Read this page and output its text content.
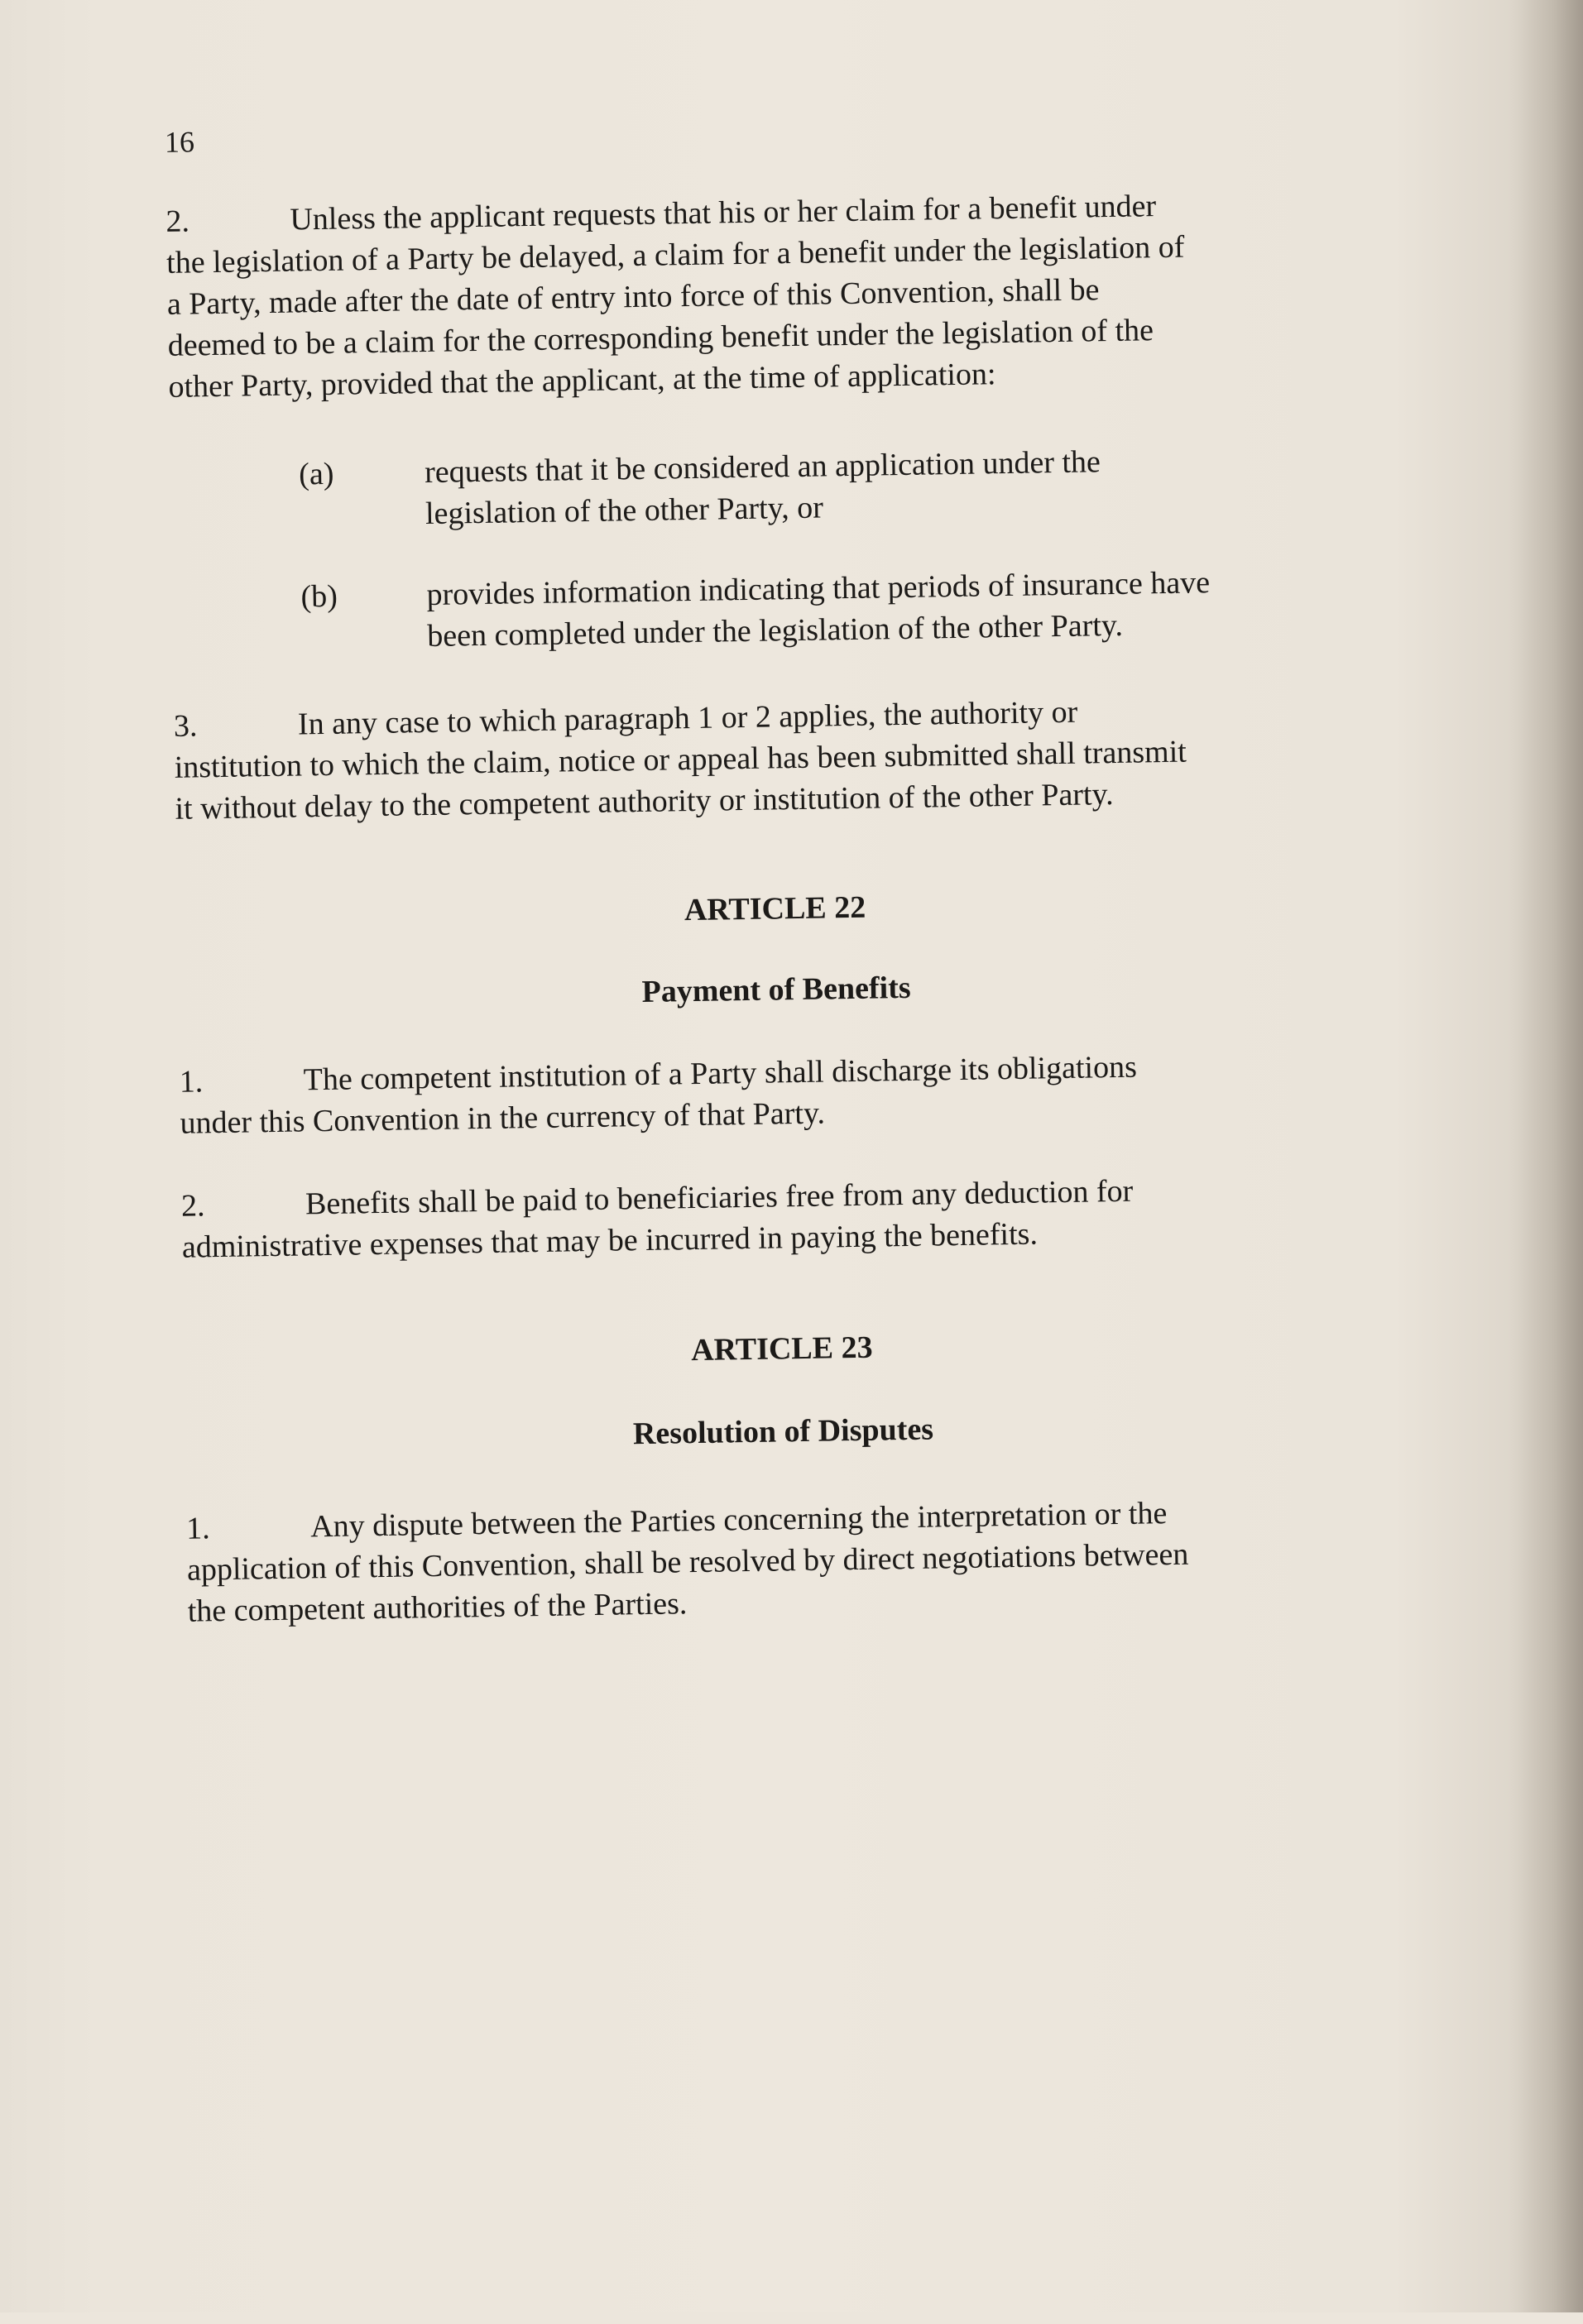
16
2.	Unless the applicant requests that his or her claim for a benefit under
the legislation of a Party be delayed, a claim for a benefit under the legislation of
a Party, made after the date of entry into force of this Convention, shall be
deemed to be a claim for the corresponding benefit under the legislation of the
other Party, provided that the applicant, at the time of application:
(a)	requests that it be considered an application under the
legislation of the other Party, or
(b)	provides information indicating that periods of insurance have
been completed under the legislation of the other Party.
3.	In any case to which paragraph 1 or 2 applies, the authority or
institution to which the claim, notice or appeal has been submitted shall transmit
it without delay to the competent authority or institution of the other Party.
ARTICLE 22
Payment of Benefits
1.	The competent institution of a Party shall discharge its obligations
under this Convention in the currency of that Party.
2.	Benefits shall be paid to beneficiaries free from any deduction for
administrative expenses that may be incurred in paying the benefits.
ARTICLE 23
Resolution of Disputes
1.	Any dispute between the Parties concerning the interpretation or the
application of this Convention, shall be resolved by direct negotiations between
the competent authorities of the Parties.
